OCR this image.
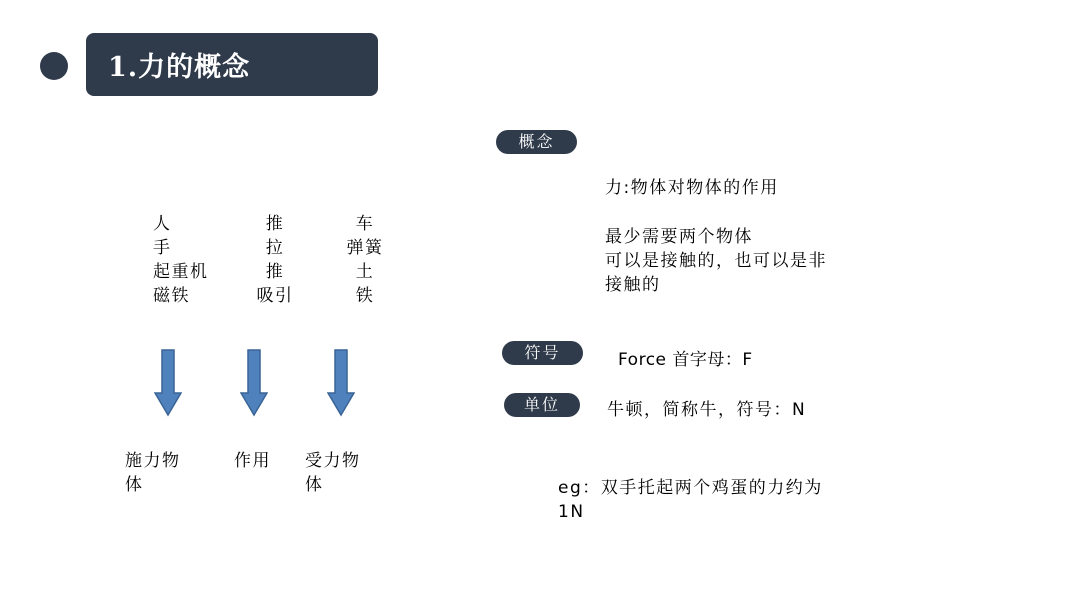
1.力的概念
人
手
起重机
磁铁
推
拉
推
吸引
车
弹簧
土
铁
施力物
体
作用 受力物
体
概念
力:物体对物体的作用
最少需要两个物体
可以是接触的，也可以是非
接触的
符号	Force 首字母：F
单位	牛顿，简称牛，符号：N
eg：双手托起两个鸡蛋的力约为
1N
